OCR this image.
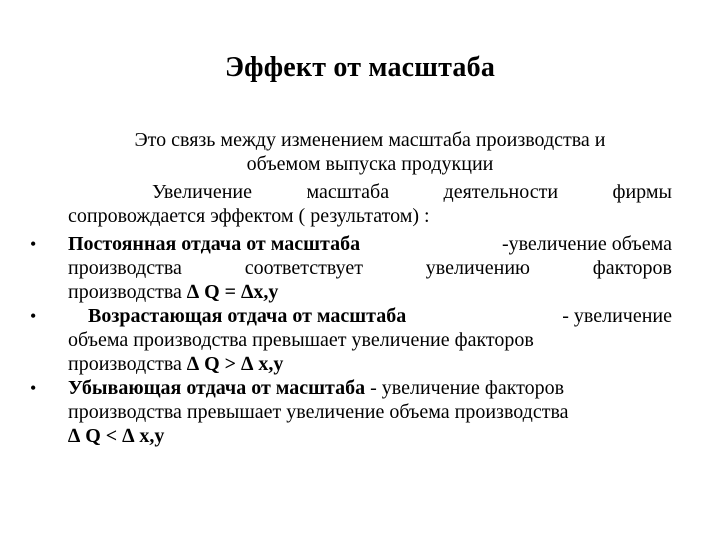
Эффект от масштаба
Это связь между изменением масштаба производства и
объемом выпуска продукции
Увеличение	масштаба	деятельности	фирмы
сопровождается эффектом ( результатом) :
•	Постоянная отдача от масштаба	-увеличение объема
производства	соответствует	увеличению	факторов
производства ∆ Q = ∆x,y
•	Возрастающая отдача от масштаба	- увеличение
объема производства превышает увеличение факторов
производства ∆ Q > ∆ x,y
•	Убывающая отдача от масштаба - увеличение факторов
производства превышает увеличение объема производства
∆ Q < ∆ x,y
